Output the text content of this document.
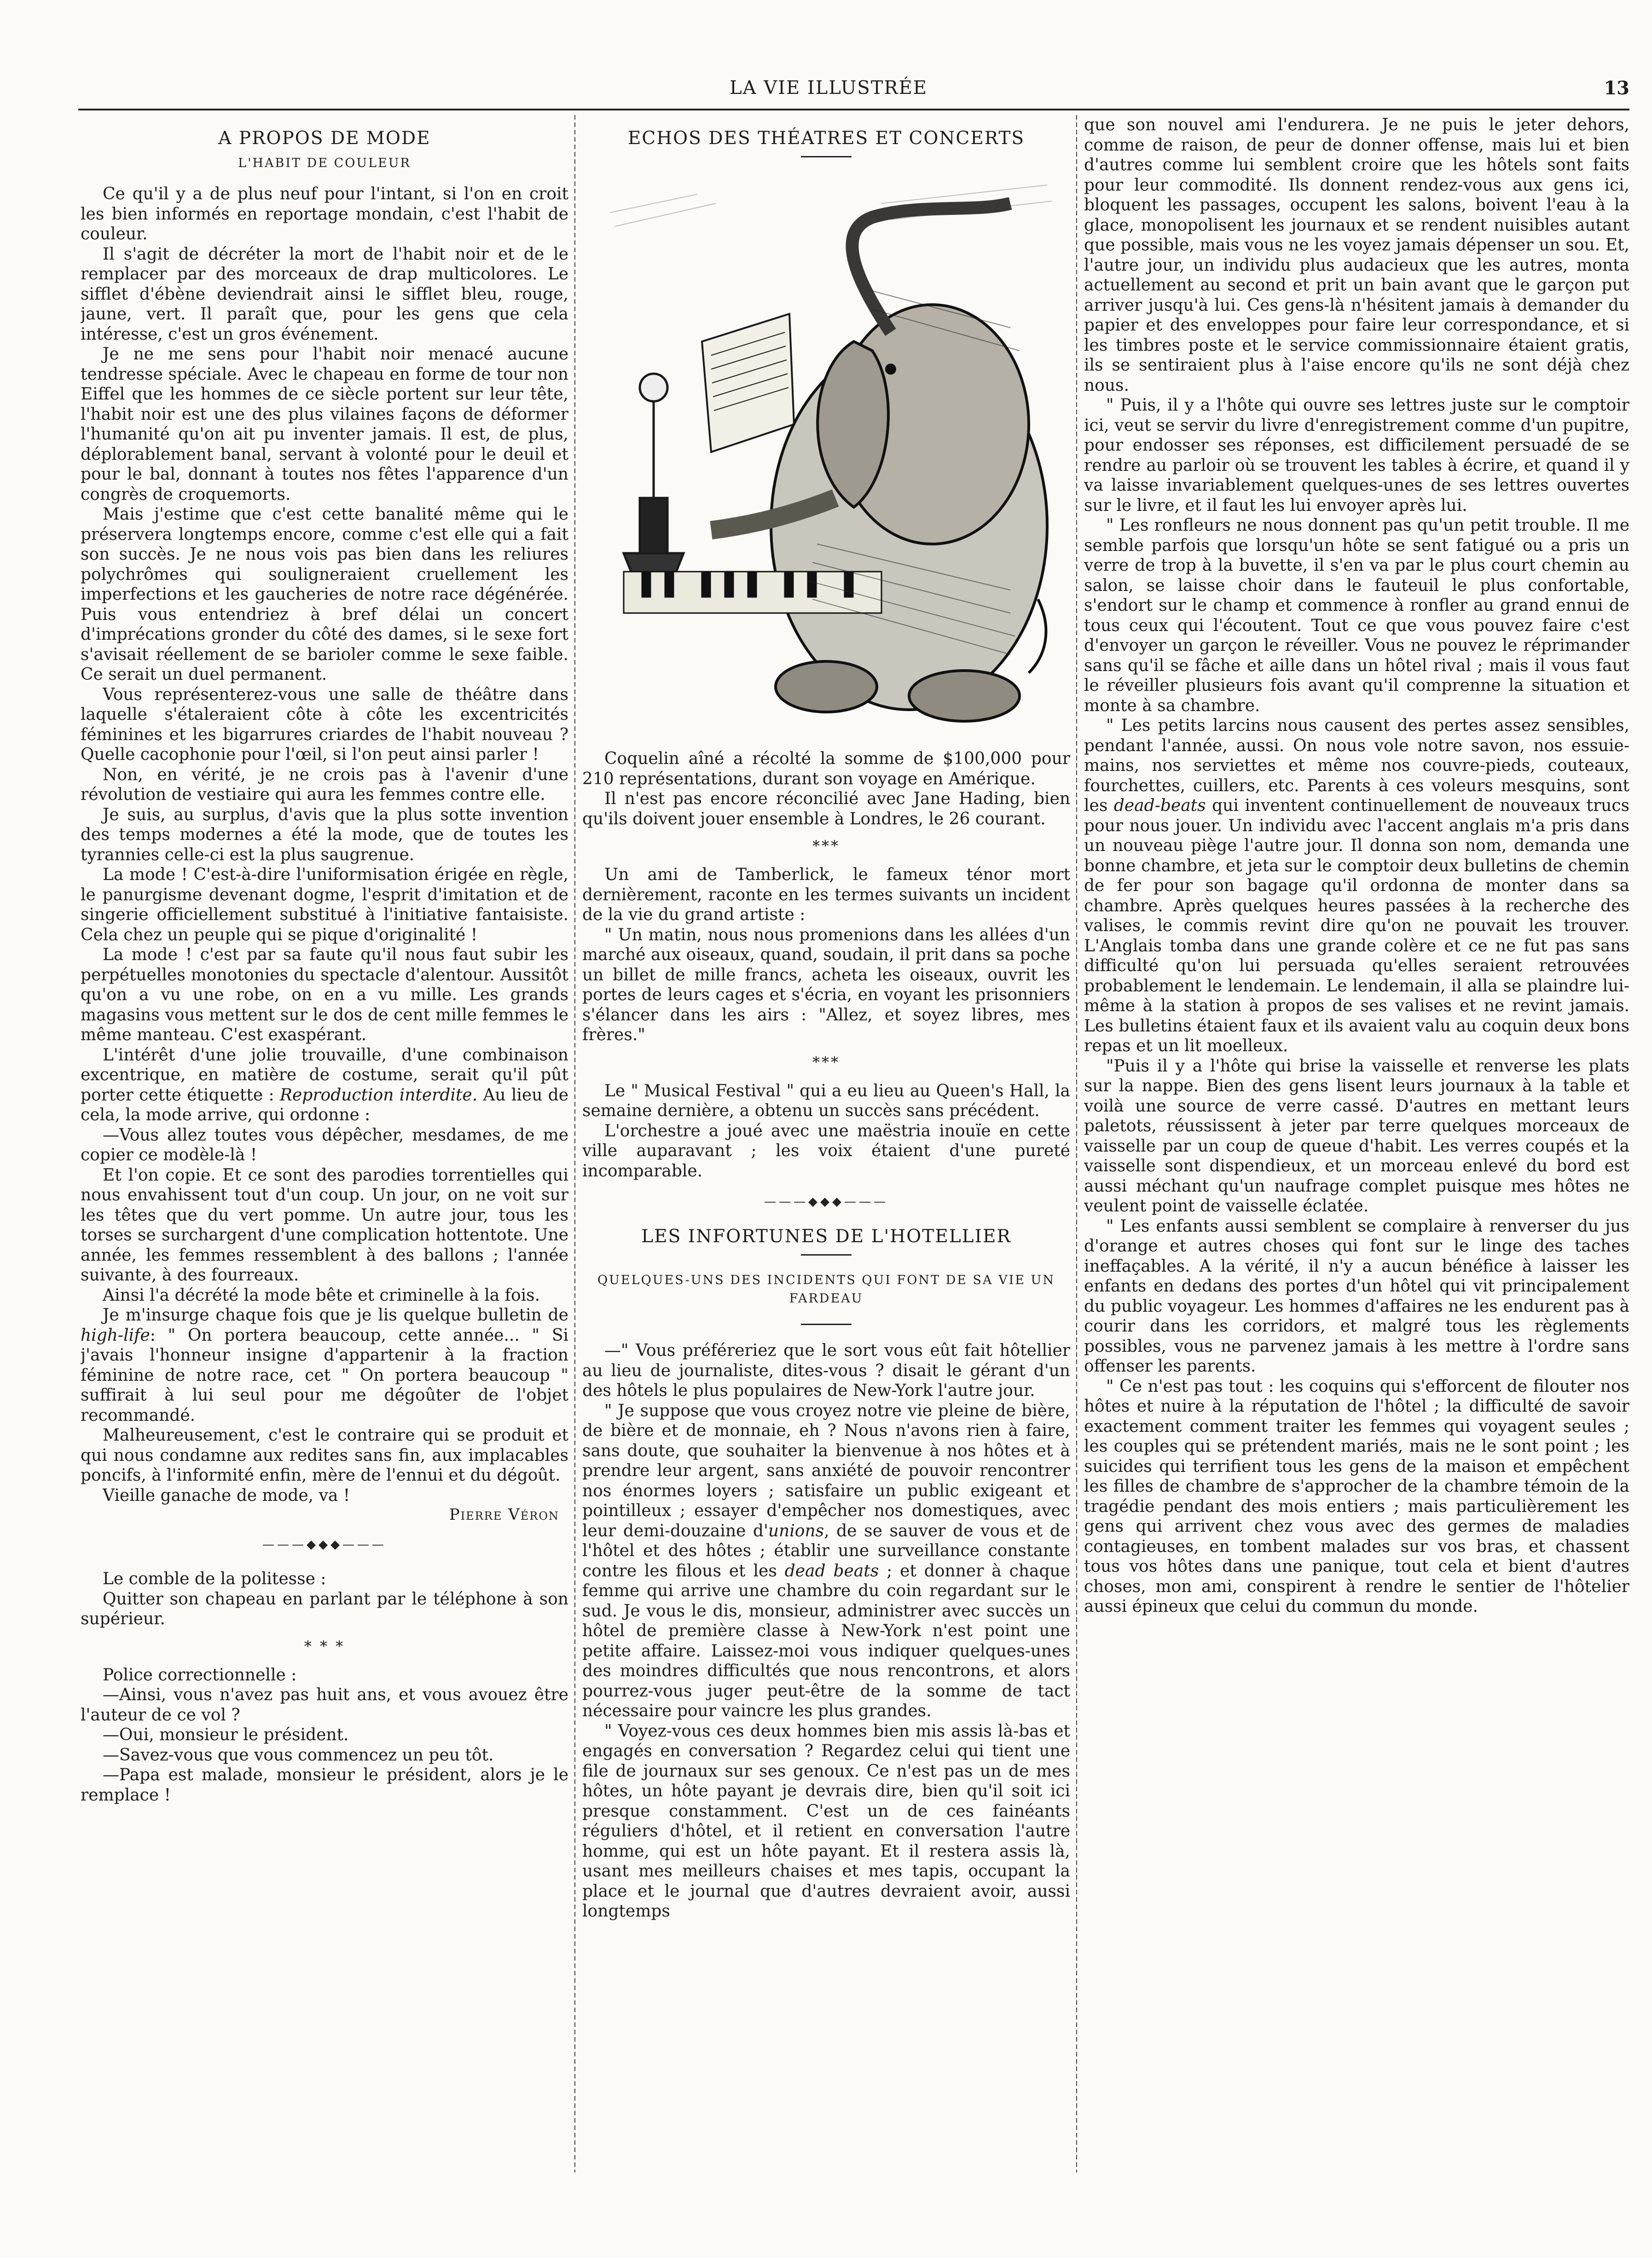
LA VIE ILLUSTRÉE	13
A PROPOS DE MODE
L'HABIT DE COULEUR

Ce qu'il y a de plus neuf pour l'intant, si l'on en croit les bien informés en reportage mondain, c'est l'habit de couleur.

Il s'agit de décréter la mort de l'habit noir et de le remplacer par des morceaux de drap multicolores. Le sifflet d'ébène deviendrait ainsi le sifflet bleu, rouge, jaune, vert. Il paraît que, pour les gens que cela intéresse, c'est un gros événement.

Je ne me sens pour l'habit noir menacé aucune tendresse spéciale. Avec le chapeau en forme de tour non Eiffel que les hommes de ce siècle portent sur leur tête, l'habit noir est une des plus vilaines façons de déformer l'humanité qu'on ait pu inventer jamais. Il est, de plus, déplorablement banal, servant à volonté pour le deuil et pour le bal, donnant à toutes nos fêtes l'apparence d'un congrès de croquemorts.

Mais j'estime que c'est cette banalité même qui le préservera longtemps encore, comme c'est elle qui a fait son succès. Je ne nous vois pas bien dans les reliures polychrômes qui souligneraient cruellement les imperfections et les gaucheries de notre race dégénérée. Puis vous entendriez à bref délai un concert d'imprécations gronder du côté des dames, si le sexe fort s'avisait réellement de se barioler comme le sexe faible. Ce serait un duel permanent.

Vous représenterez-vous une salle de théâtre dans laquelle s'étaleraient côte à côte les excentricités féminines et les bigarrures criardes de l'habit nouveau ? Quelle cacophonie pour l'œil, si l'on peut ainsi parler !

Non, en vérité, je ne crois pas à l'avenir d'une révolution de vestiaire qui aura les femmes contre elle.

Je suis, au surplus, d'avis que la plus sotte invention des temps modernes a été la mode, que de toutes les tyrannies celle-ci est la plus saugrenue.

La mode ! C'est-à-dire l'uniformisation érigée en règle, le panurgisme devenant dogme, l'esprit d'imitation et de singerie officiellement substitué à l'initiative fantaisiste. Cela chez un peuple qui se pique d'originalité !

La mode ! c'est par sa faute qu'il nous faut subir les perpétuelles monotonies du spectacle d'alentour. Aussitôt qu'on a vu une robe, on en a vu mille. Les grands magasins vous mettent sur le dos de cent mille femmes le même manteau. C'est exaspérant.

L'intérêt d'une jolie trouvaille, d'une combinaison excentrique, en matière de costume, serait qu'il pût porter cette étiquette : Reproduction interdite. Au lieu de cela, la mode arrive, qui ordonne :

—Vous allez toutes vous dépêcher, mesdames, de me copier ce modèle-là !

Et l'on copie. Et ce sont des parodies torrentielles qui nous envahissent tout d'un coup. Un jour, on ne voit sur les têtes que du vert pomme. Un autre jour, tous les torses se surchargent d'une complication hottentote. Une année, les femmes ressemblent à des ballons ; l'année suivante, à des fourreaux.

Ainsi l'a décrété la mode bête et criminelle à la fois.

Je m'insurge chaque fois que je lis quelque bulletin de high-life: " On portera beaucoup, cette année... " Si j'avais l'honneur insigne d'appartenir à la fraction féminine de notre race, cet " On portera beaucoup " suffirait à lui seul pour me dégoûter de l'objet recommandé.

Malheureusement, c'est le contraire qui se produit et qui nous condamne aux redites sans fin, aux implacables poncifs, à l'informité enfin, mère de l'ennui et du dégoût.

Vieille ganache de mode, va !

Pierre Véron
———◆◆◆———

Le comble de la politesse :

Quitter son chapeau en parlant par le téléphone à son supérieur.

* * *

Police correctionnelle :

—Ainsi, vous n'avez pas huit ans, et vous avouez être l'auteur de ce vol ?

—Oui, monsieur le président.

—Savez-vous que vous commencez un peu tôt.

—Papa est malade, monsieur le président, alors je le remplace !

ECHOS DES THÉATRES ET CONCERTS

Coquelin aîné a récolté la somme de $100,000 pour 210 représentations, durant son voyage en Amérique.

Il n'est pas encore réconcilié avec Jane Hading, bien qu'ils doivent jouer ensemble à Londres, le 26 courant.

***

Un ami de Tamberlick, le fameux ténor mort dernièrement, raconte en les termes suivants un incident de la vie du grand artiste :

" Un matin, nous nous promenions dans les allées d'un marché aux oiseaux, quand, soudain, il prit dans sa poche un billet de mille francs, acheta les oiseaux, ouvrit les portes de leurs cages et s'écria, en voyant les prisonniers s'élancer dans les airs : "Allez, et soyez libres, mes frères."

***

Le " Musical Festival " qui a eu lieu au Queen's Hall, la semaine dernière, a obtenu un succès sans précédent.

L'orchestre a joué avec une maëstria inouïe en cette ville auparavant ; les voix étaient d'une pureté incomparable.

———◆◆◆———
LES INFORTUNES DE L'HOTELLIER
QUELQUES-UNS DES INCIDENTS QUI FONT DE SA VIE UN FARDEAU

—" Vous préféreriez que le sort vous eût fait hôtellier au lieu de journaliste, dites-vous ? disait le gérant d'un des hôtels le plus populaires de New-York l'autre jour.

" Je suppose que vous croyez notre vie pleine de bière, de bière et de monnaie, eh ? Nous n'avons rien à faire, sans doute, que souhaiter la bienvenue à nos hôtes et à prendre leur argent, sans anxiété de pouvoir rencontrer nos énormes loyers ; satisfaire un public exigeant et pointilleux ; essayer d'empêcher nos domestiques, avec leur demi-douzaine d'unions, de se sauver de vous et de l'hôtel et des hôtes ; établir une surveillance constante contre les filous et les dead beats ; et donner à chaque femme qui arrive une chambre du coin regardant sur le sud. Je vous le dis, monsieur, administrer avec succès un hôtel de première classe à New-York n'est point une petite affaire. Laissez-moi vous indiquer quelques-unes des moindres difficultés que nous rencontrons, et alors pourrez-vous juger peut-être de la somme de tact nécessaire pour vaincre les plus grandes.

" Voyez-vous ces deux hommes bien mis assis là-bas et engagés en conversation ? Regardez celui qui tient une file de journaux sur ses genoux. Ce n'est pas un de mes hôtes, un hôte payant je devrais dire, bien qu'il soit ici presque constamment. C'est un de ces fainéants réguliers d'hôtel, et il retient en conversation l'autre homme, qui est un hôte payant. Et il restera assis là, usant mes meilleurs chaises et mes tapis, occupant la place et le journal que d'autres devraient avoir, aussi longtemps

que son nouvel ami l'endurera. Je ne puis le jeter dehors, comme de raison, de peur de donner offense, mais lui et bien d'autres comme lui semblent croire que les hôtels sont faits pour leur commodité. Ils donnent rendez-vous aux gens ici, bloquent les passages, occupent les salons, boivent l'eau à la glace, monopolisent les journaux et se rendent nuisibles autant que possible, mais vous ne les voyez jamais dépenser un sou. Et, l'autre jour, un individu plus audacieux que les autres, monta actuellement au second et prit un bain avant que le garçon put arriver jusqu'à lui. Ces gens-là n'hésitent jamais à demander du papier et des enveloppes pour faire leur correspondance, et si les timbres poste et le service commissionnaire étaient gratis, ils se sentiraient plus à l'aise encore qu'ils ne sont déjà chez nous.

" Puis, il y a l'hôte qui ouvre ses lettres juste sur le comptoir ici, veut se servir du livre d'enregistrement comme d'un pupitre, pour endosser ses réponses, est difficilement persuadé de se rendre au parloir où se trouvent les tables à écrire, et quand il y va laisse invariablement quelques-unes de ses lettres ouvertes sur le livre, et il faut les lui envoyer après lui.

" Les ronfleurs ne nous donnent pas qu'un petit trouble. Il me semble parfois que lorsqu'un hôte se sent fatigué ou a pris un verre de trop à la buvette, il s'en va par le plus court chemin au salon, se laisse choir dans le fauteuil le plus confortable, s'endort sur le champ et commence à ronfler au grand ennui de tous ceux qui l'écoutent. Tout ce que vous pouvez faire c'est d'envoyer un garçon le réveiller. Vous ne pouvez le réprimander sans qu'il se fâche et aille dans un hôtel rival ; mais il vous faut le réveiller plusieurs fois avant qu'il comprenne la situation et monte à sa chambre.

" Les petits larcins nous causent des pertes assez sensibles, pendant l'année, aussi. On nous vole notre savon, nos essuie-mains, nos serviettes et même nos couvre-pieds, couteaux, fourchettes, cuillers, etc. Parents à ces voleurs mesquins, sont les dead-beats qui inventent continuellement de nouveaux trucs pour nous jouer. Un individu avec l'accent anglais m'a pris dans un nouveau piège l'autre jour. Il donna son nom, demanda une bonne chambre, et jeta sur le comptoir deux bulletins de chemin de fer pour son bagage qu'il ordonna de monter dans sa chambre. Après quelques heures passées à la recherche des valises, le commis revint dire qu'on ne pouvait les trouver. L'Anglais tomba dans une grande colère et ce ne fut pas sans difficulté qu'on lui persuada qu'elles seraient retrouvées probablement le lendemain. Le lendemain, il alla se plaindre lui-même à la station à propos de ses valises et ne revint jamais. Les bulletins étaient faux et ils avaient valu au coquin deux bons repas et un lit moelleux.

"Puis il y a l'hôte qui brise la vaisselle et renverse les plats sur la nappe. Bien des gens lisent leurs journaux à la table et voilà une source de verre cassé. D'autres en mettant leurs paletots, réussissent à jeter par terre quelques morceaux de vaisselle par un coup de queue d'habit. Les verres coupés et la vaisselle sont dispendieux, et un morceau enlevé du bord est aussi méchant qu'un naufrage complet puisque mes hôtes ne veulent point de vaisselle éclatée.

" Les enfants aussi semblent se complaire à renverser du jus d'orange et autres choses qui font sur le linge des taches ineffaçables. A la vérité, il n'y a aucun bénéfice à laisser les enfants en dedans des portes d'un hôtel qui vit principalement du public voyageur. Les hommes d'affaires ne les endurent pas à courir dans les corridors, et malgré tous les règlements possibles, vous ne parvenez jamais à les mettre à l'ordre sans offenser les parents.

" Ce n'est pas tout : les coquins qui s'efforcent de filouter nos hôtes et nuire à la réputation de l'hôtel ; la difficulté de savoir exactement comment traiter les femmes qui voyagent seules ; les couples qui se prétendent mariés, mais ne le sont point ; les suicides qui terrifient tous les gens de la maison et empêchent les filles de chambre de s'approcher de la chambre témoin de la tragédie pendant des mois entiers ; mais particulièrement les gens qui arrivent chez vous avec des germes de maladies contagieuses, en tombent malades sur vos bras, et chassent tous vos hôtes dans une panique, tout cela et bient d'autres choses, mon ami, conspirent à rendre le sentier de l'hôtelier aussi épineux que celui du commun du monde.
